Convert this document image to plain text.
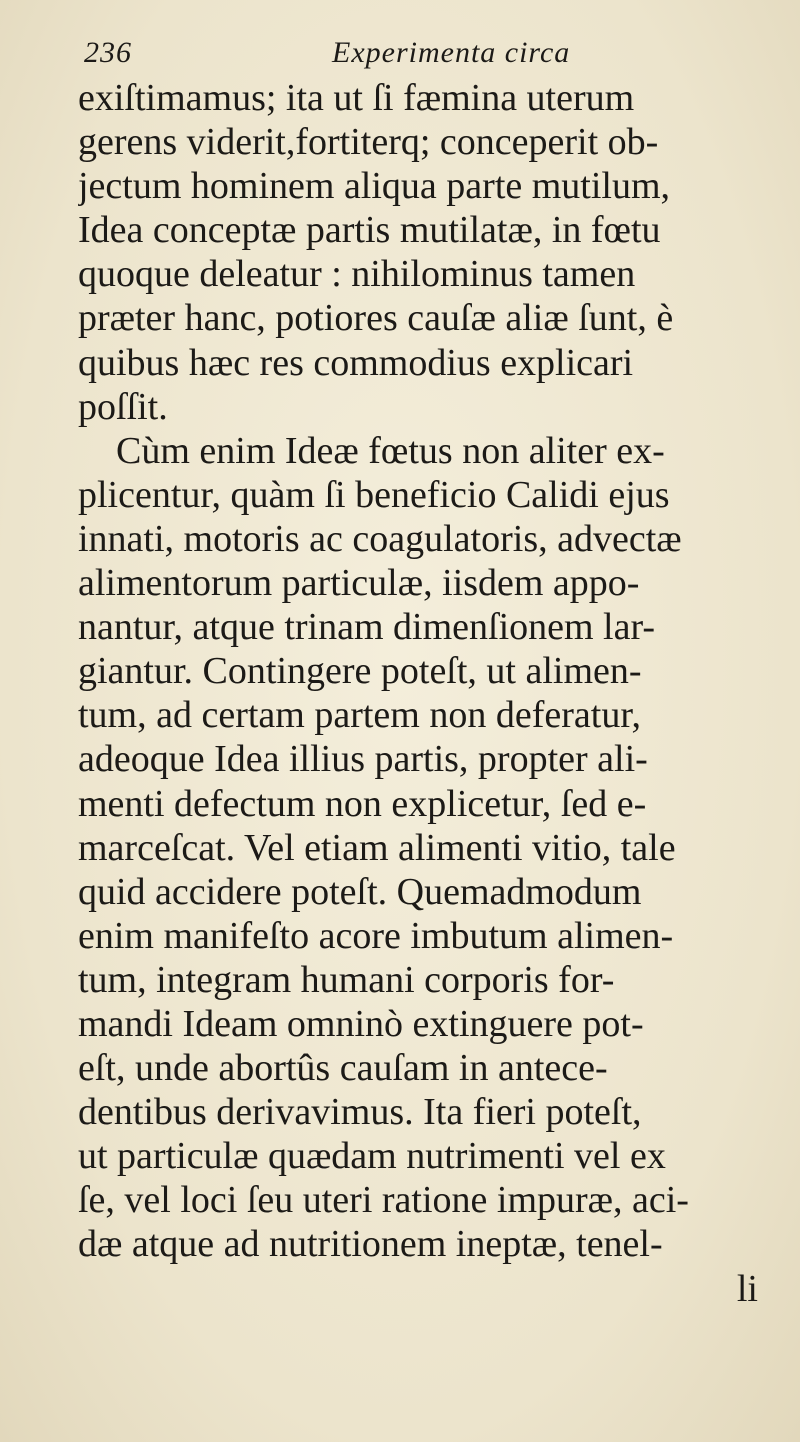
236	Experimenta circa
exiſtimamus; ita ut ſi fæmina uterum
gerens viderit,fortiterq; conceperit ob-
jectum hominem aliqua parte mutilum,
Idea conceptæ partis mutilatæ, in fœtu
quoque deleatur : nihilominus tamen
præter hanc, potiores cauſæ aliæ ſunt, è
quibus hæc res commodius explicari
poſſit.
Cùm enim Ideæ fœtus non aliter ex-
plicentur, quàm ſi beneficio Calidi ejus
innati, motoris ac coagulatoris, advectæ
alimentorum particulæ, iisdem appo-
nantur, atque trinam dimenſionem lar-
giantur. Contingere poteſt, ut alimen-
tum, ad certam partem non deferatur,
adeoque Idea illius partis, propter ali-
menti defectum non explicetur, ſed e-
marceſcat. Vel etiam alimenti vitio, tale
quid accidere poteſt. Quemadmodum
enim manifeſto acore imbutum alimen-
tum, integram humani corporis for-
mandi Ideam omninò extinguere pot-
eſt, unde abortûs cauſam in antece-
dentibus derivavimus. Ita fieri poteſt,
ut particulæ quædam nutrimenti vel ex
ſe, vel loci ſeu uteri ratione impuræ, aci-
dæ atque ad nutritionem ineptæ, tenel-
li
